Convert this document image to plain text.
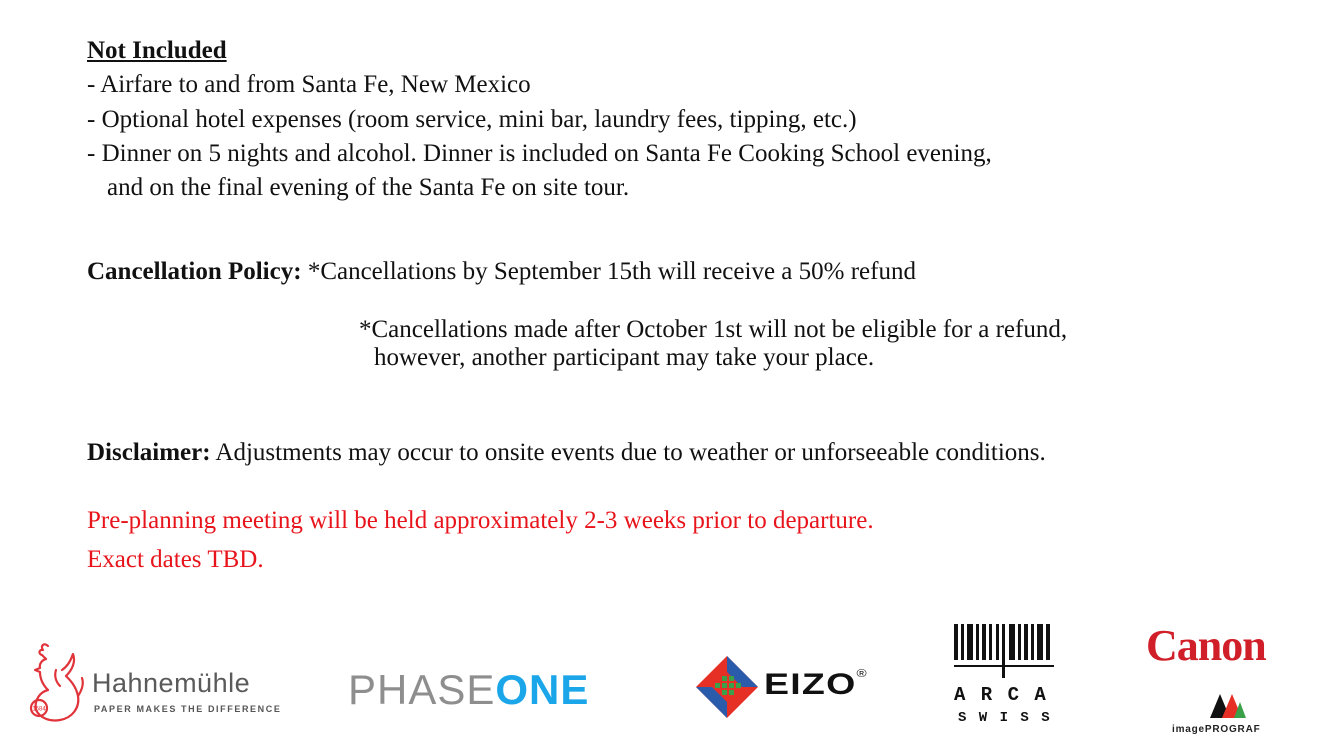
Not Included
- Airfare to and from Santa Fe, New Mexico
- Optional hotel expenses (room service, mini bar, laundry fees, tipping, etc.)
- Dinner on 5 nights and alcohol. Dinner is included on Santa Fe Cooking School evening,
and on the final evening of the Santa Fe on site tour.
Cancellation Policy: *Cancellations by September 15th will receive a 50% refund
*Cancellations made after October 1st will not be eligible for a refund,
however, another participant may take your place.
Disclaimer: Adjustments may occur to onsite events due to weather or unforseeable conditions.
Pre-planning meeting will be held approximately 2-3 weeks prior to departure.
Exact dates TBD.
1584
Hahnemühle
PAPER MAKES THE DIFFERENCE PHASEONE	EIZO®
A R C A
S W I S S
Canon
imagePROGRAF
